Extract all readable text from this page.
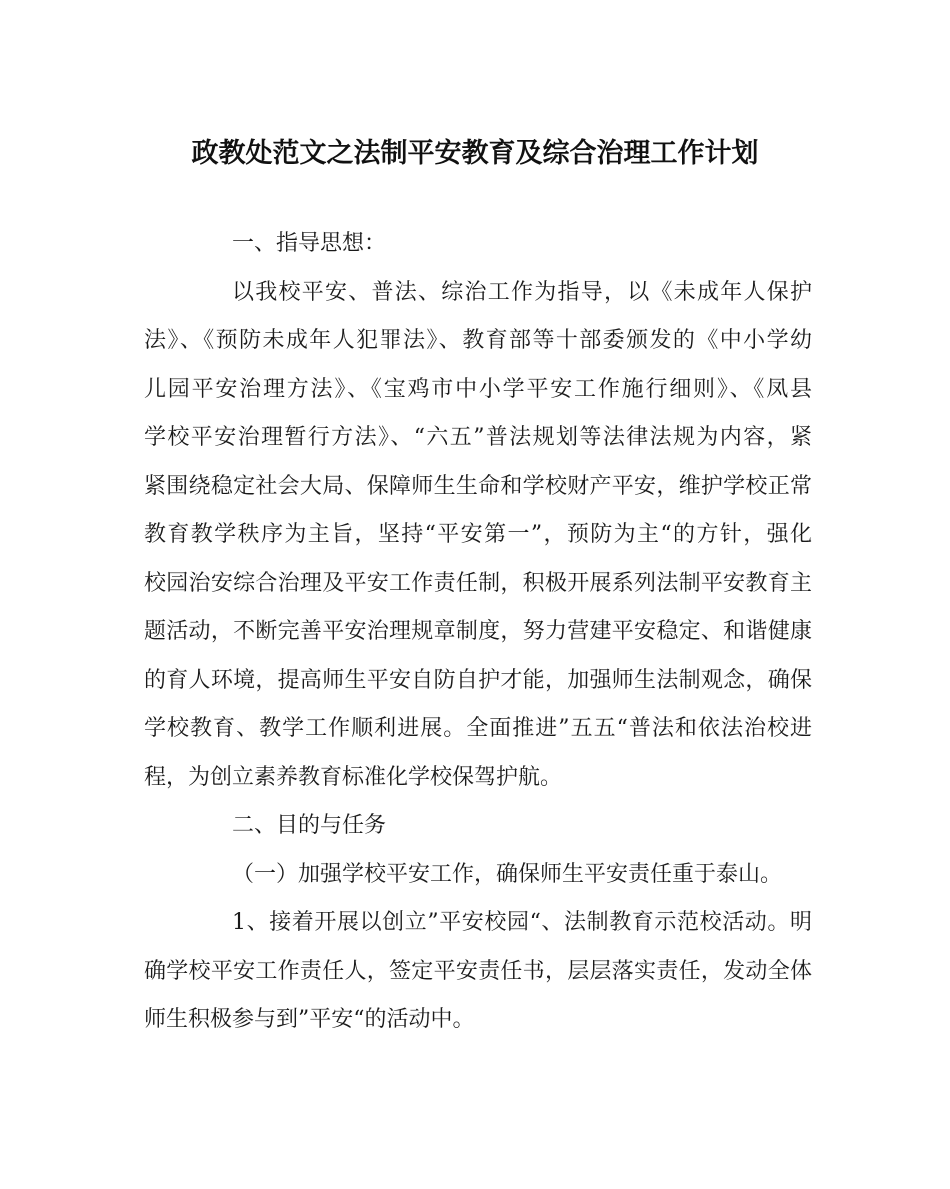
政教处范文之法制平安教育及综合治理工作计划
一、指导思想：
以我校平安、普法、综治工作为指导，以《未成年人保护
法》、《预防未成年人犯罪法》、教育部等十部委颁发的《中小学幼
儿园平安治理方法》、《宝鸡市中小学平安工作施行细则》、《凤县
学校平安治理暂行方法》、“六五”普法规划等法律法规为内容，紧
紧围绕稳定社会大局、保障师生生命和学校财产平安，维护学校正常
教育教学秩序为主旨，坚持“平安第一”，预防为主“的方针，强化
校园治安综合治理及平安工作责任制，积极开展系列法制平安教育主
题活动，不断完善平安治理规章制度，努力营建平安稳定、和谐健康
的育人环境，提高师生平安自防自护才能，加强师生法制观念，确保
学校教育、教学工作顺利进展。全面推进”五五“普法和依法治校进
程，为创立素养教育标准化学校保驾护航。
二、目的与任务
（一）加强学校平安工作，确保师生平安责任重于泰山。
1、接着开展以创立”平安校园“、法制教育示范校活动。明
确学校平安工作责任人，签定平安责任书，层层落实责任，发动全体
师生积极参与到”平安“的活动中。
